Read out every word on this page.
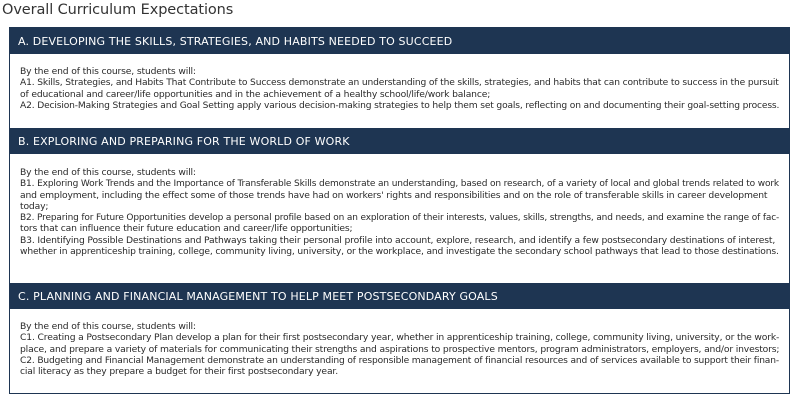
Overall Curriculum Expectations
A. DEVELOPING THE SKILLS, STRATEGIES, AND HABITS NEEDED TO SUCCEED
By the end of this course, students will:
A1. Skills, Strategies, and Habits That Contribute to Success demonstrate an understanding of the skills, strategies, and habits that can contribute to success in the pursuit
of educational and career/life opportunities and in the achievement of a healthy school/life/work balance;
A2. Decision-Making Strategies and Goal Setting apply various decision-making strategies to help them set goals, reflecting on and documenting their goal-setting process.
B. EXPLORING AND PREPARING FOR THE WORLD OF WORK
By the end of this course, students will:
B1. Exploring Work Trends and the Importance of Transferable Skills demonstrate an understanding, based on research, of a variety of local and global trends related to work
and employment, including the effect some of those trends have had on workers' rights and responsibilities and on the role of transferable skills in career development
today;
B2. Preparing for Future Opportunities develop a personal profile based on an exploration of their interests, values, skills, strengths, and needs, and examine the range of fac-
tors that can influence their future education and career/life opportunities;
B3. Identifying Possible Destinations and Pathways taking their personal profile into account, explore, research, and identify a few postsecondary destinations of interest,
whether in apprenticeship training, college, community living, university, or the workplace, and investigate the secondary school pathways that lead to those destinations.
C. PLANNING AND FINANCIAL MANAGEMENT TO HELP MEET POSTSECONDARY GOALS
By the end of this course, students will:
C1. Creating a Postsecondary Plan develop a plan for their first postsecondary year, whether in apprenticeship training, college, community living, university, or the work-
place, and prepare a variety of materials for communicating their strengths and aspirations to prospective mentors, program administrators, employers, and/or investors;
C2. Budgeting and Financial Management demonstrate an understanding of responsible management of financial resources and of services available to support their finan-
cial literacy as they prepare a budget for their first postsecondary year.
